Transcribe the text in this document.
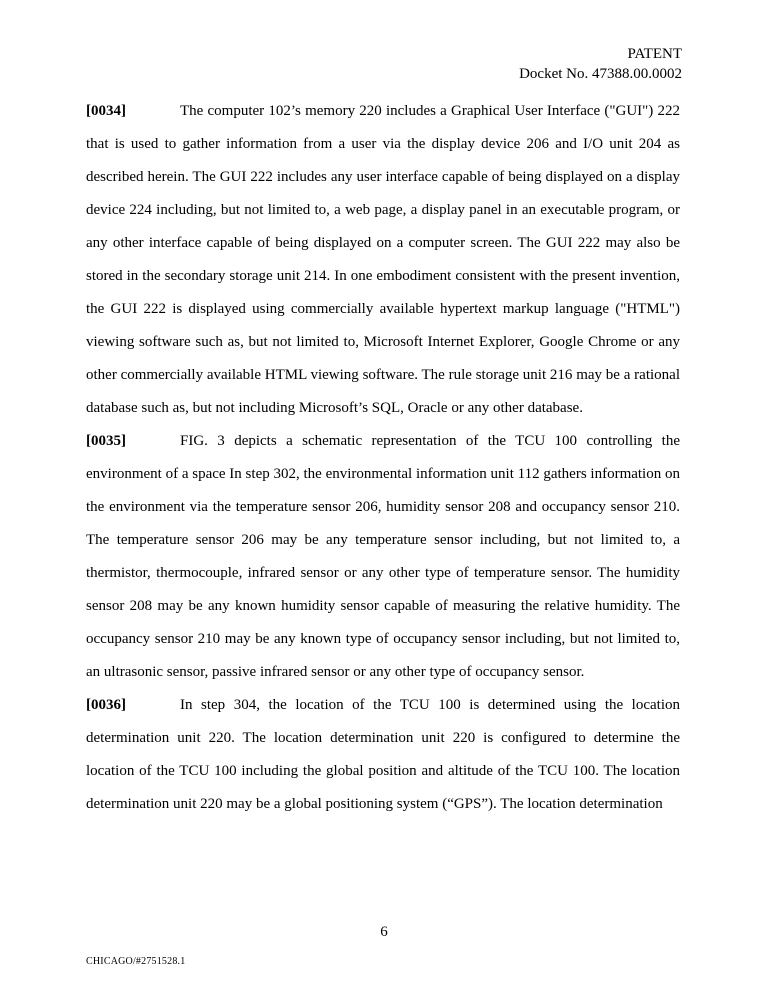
PATENT
Docket No. 47388.00.0002

[0034]	The computer 102’s memory 220 includes a Graphical User Interface ("GUI") 222 that is used to gather information from a user via the display device 206 and I/O unit 204 as described herein. The GUI 222 includes any user interface capable of being displayed on a display device 224 including, but not limited to, a web page, a display panel in an executable program, or any other interface capable of being displayed on a computer screen. The GUI 222 may also be stored in the secondary storage unit 214. In one embodiment consistent with the present invention, the GUI 222 is displayed using commercially available hypertext markup language ("HTML") viewing software such as, but not limited to, Microsoft Internet Explorer, Google Chrome or any other commercially available HTML viewing software. The rule storage unit 216 may be a rational database such as, but not including Microsoft’s SQL, Oracle or any other database.

[0035]	FIG. 3 depicts a schematic representation of the TCU 100 controlling the environment of a space In step 302, the environmental information unit 112 gathers information on the environment via the temperature sensor 206, humidity sensor 208 and occupancy sensor 210. The temperature sensor 206 may be any temperature sensor including, but not limited to, a thermistor, thermocouple, infrared sensor or any other type of temperature sensor. The humidity sensor 208 may be any known humidity sensor capable of measuring the relative humidity. The occupancy sensor 210 may be any known type of occupancy sensor including, but not limited to, an ultrasonic sensor, passive infrared sensor or any other type of occupancy sensor.

[0036]	In step 304, the location of the TCU 100 is determined using the location determination unit 220. The location determination unit 220 is configured to determine the location of the TCU 100 including the global position and altitude of the TCU 100. The location determination unit 220 may be a global positioning system (“GPS”). The location determination

6
CHICAGO/#2751528.1
